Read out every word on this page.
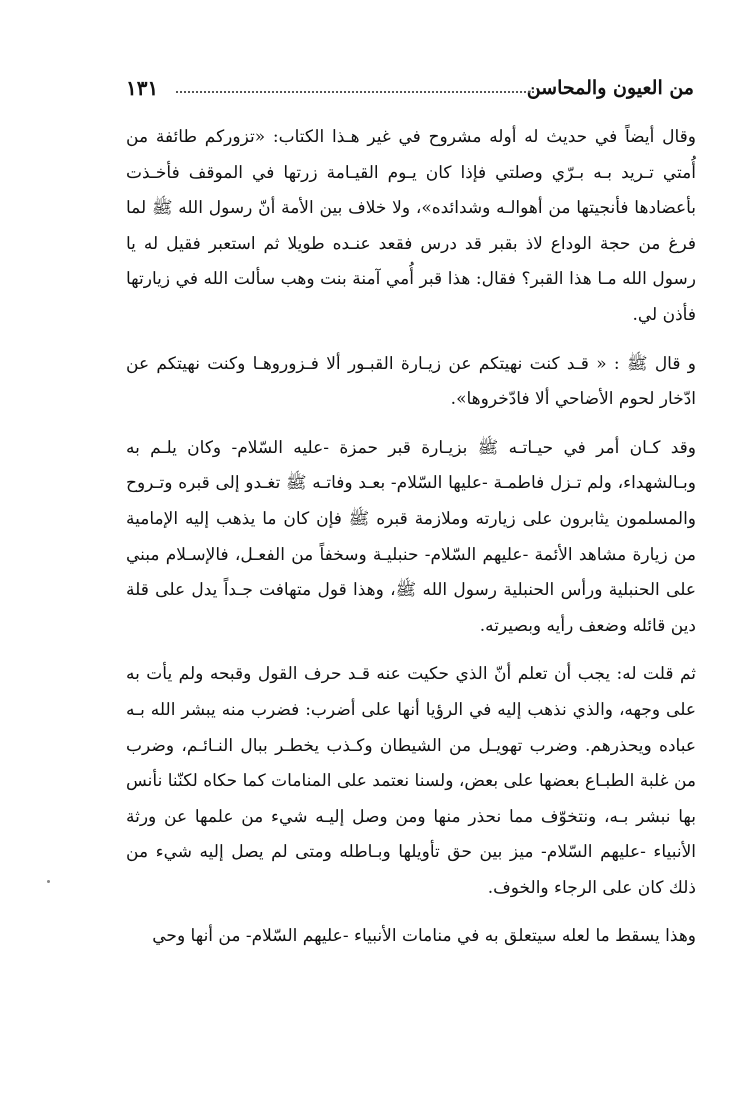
من العيون والمحاسن
١٣١

وقال أيضاً في حديث له أوله مشروح في غير هـذا الكتاب: «تزوركم طائفة من أُمتي تـريد بـه بـرّي وصلتي فإذا كان يـوم القيـامة زرتها في الموقف فأخـذت بأعضادها فأنجيتها من أهوالـه وشدائده»، ولا خلاف بين الأمة أنّ رسول الله ﷺ لما فرغ من حجة الوداع لاذ بقبر قد درس فقعد عنـده طويلا ثم استعبر فقيل له يا رسول الله مـا هذا القبر؟ فقال: هذا قبر أُمي آمنة بنت وهب سألت الله في زيارتها فأذن لي.

و قال ﷺ : « قـد كنت نهيتكم عن زيـارة القبـور ألا فـزوروهـا وكنت نهيتكم عن ادّخار لحوم الأضاحي ألا فادّخروها».

وقد كـان أمر في حيـاتـه ﷺ بزيـارة قبر حمزة -عليه السّلام- وكان يلـم به وبـالشهداء، ولم تـزل فاطمـة -عليها السّلام- بعـد وفاتـه ﷺ تغـدو إلى قبره وتـروح والمسلمون يثابرون على زيارته وملازمة قبره ﷺ فإن كان ما يذهب إليه الإمامية من زيارة مشاهد الأئمة -عليهم السّلام- حنبليـة وسخفاً من الفعـل، فالإسـلام مبني على الحنبلية ورأس الحنبلية رسول الله ﷺ، وهذا قول متهافت جـداً يدل على قلة دين قائله وضعف رأيه وبصيرته.

ثم قلت له: يجب أن تعلم أنّ الذي حكيت عنه قـد حرف القول وقبحه ولم يأت به على وجهه، والذي نذهب إليه في الرؤيا أنها على أضرب: فضرب منه يبشر الله بـه عباده ويحذرهم. وضرب تهويـل من الشيطان وكـذب يخطـر ببال النـائـم، وضرب من غلبة الطبـاع بعضها على بعض، ولسنا نعتمد على المنامات كما حكاه لكنّنا نأنس بها نبشر بـه، ونتخوّف مما نحذر منها ومن وصل إليـه شيء من علمها عن ورثة الأنبياء -عليهم السّلام- ميز بين حق تأويلها وبـاطله ومتى لم يصل إليه شيء من ذلك كان على الرجاء والخوف.

وهذا يسقط ما لعله سيتعلق به في منامات الأنبياء -عليهم السّلام- من أنها وحي
